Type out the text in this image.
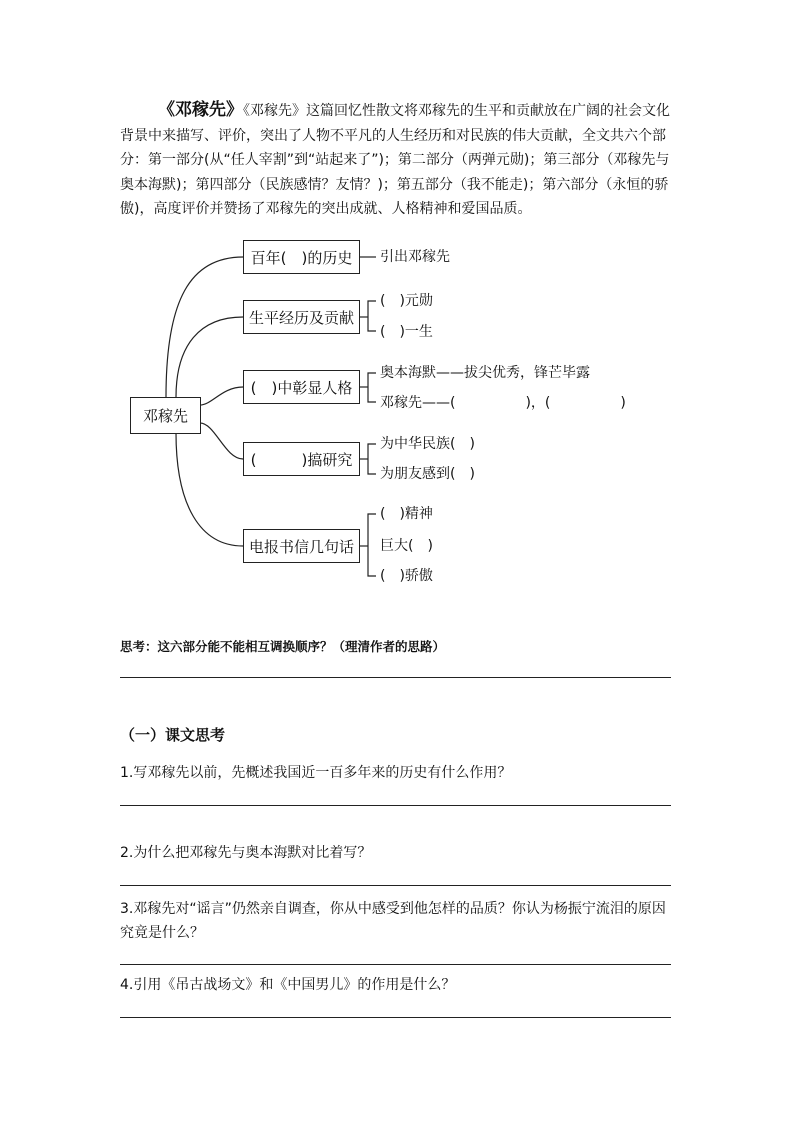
《邓稼先》《邓稼先》这篇回忆性散文将邓稼先的生平和贡献放在广阔的社会文化背景中来描写、评价，突出了人物不平凡的人生经历和对民族的伟大贡献，全文共六个部分：第一部分(从“任人宰割”到“站起来了”)；第二部分（两弹元勋)；第三部分（邓稼先与奥本海默)；第四部分（民族感情？友情？)；第五部分（我不能走)；第六部分（永恒的骄傲)，高度评价并赞扬了邓稼先的突出成就、人格精神和爱国品质。

邓稼先
百年(　)的历史
生平经历及贡献
(　)中彰显人格
(　　　)搞研究
电报书信几句话
引出邓稼先
(　)元勋
(　)一生
奥本海默——拔尖优秀，锋芒毕露
邓稼先——(　　　　　)，(　　　　　)
为中华民族(　)
为朋友感到(　)
(　)精神
巨大(　)
(　)骄傲
思考：这六部分能不能相互调换顺序？（理清作者的思路）
（一）课文思考
1.写邓稼先以前，先概述我国近一百多年来的历史有什么作用？
2.为什么把邓稼先与奥本海默对比着写？
3.邓稼先对“谣言”仍然亲自调查，你从中感受到他怎样的品质？你认为杨振宁流泪的原因究竟是什么？
4.引用《吊古战场文》和《中国男儿》的作用是什么？
